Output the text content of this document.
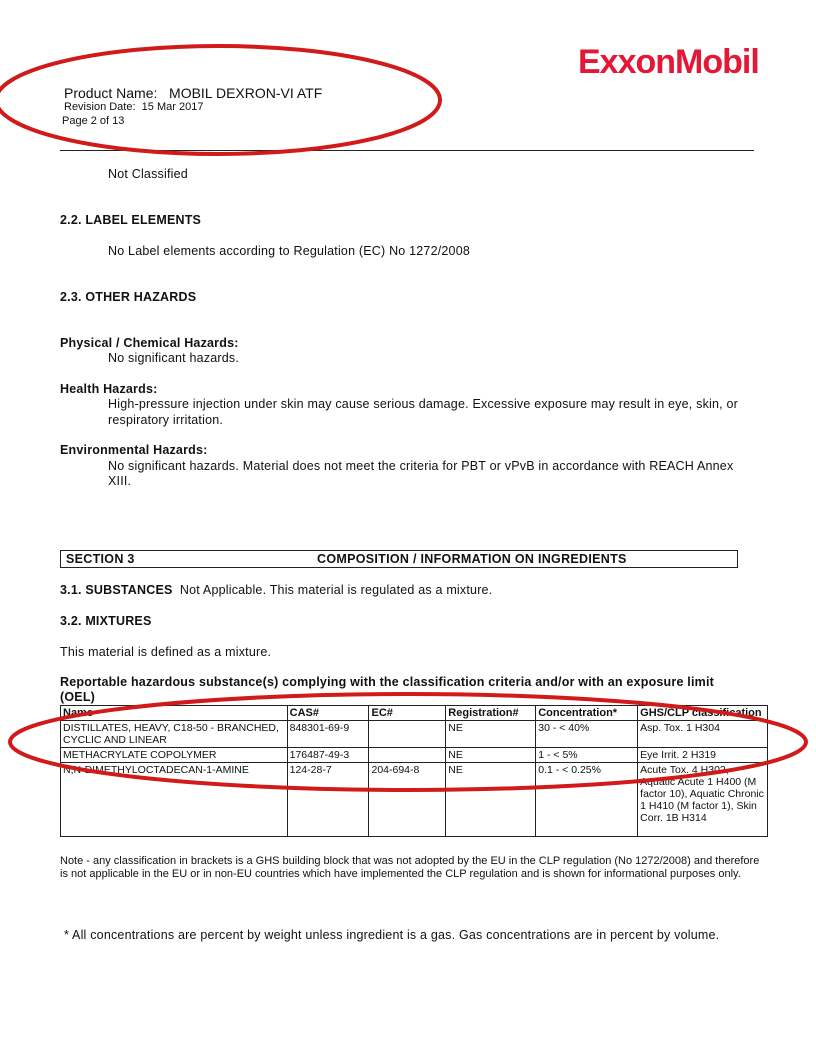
ExxonMobil
Product Name: MOBIL DEXRON-VI ATF
Revision Date: 15 Mar 2017
Page 2 of 13
Not Classified
2.2. LABEL ELEMENTS
No Label elements according to Regulation (EC) No 1272/2008
2.3. OTHER HAZARDS
Physical / Chemical Hazards:
No significant hazards.
Health Hazards:
High-pressure injection under skin may cause serious damage. Excessive exposure may result in eye, skin, or
respiratory irritation.
Environmental Hazards:
No significant hazards. Material does not meet the criteria for PBT or vPvB in accordance with REACH Annex
XIII.
SECTION 3	COMPOSITION / INFORMATION ON INGREDIENTS
3.1. SUBSTANCES Not Applicable. This material is regulated as a mixture.
3.2. MIXTURES
This material is defined as a mixture.
Reportable hazardous substance(s) complying with the classification criteria and/or with an exposure limit
(OEL)
Name	CAS#	EC#	Registration#	Concentration*	GHS/CLP classification
DISTILLATES, HEAVY, C18-50 - BRANCHED, CYCLIC AND LINEAR	848301-69-9		NE	30 - < 40%	Asp. Tox. 1 H304
METHACRYLATE COPOLYMER	176487-49-3		NE	1 - < 5%	Eye Irrit. 2 H319
N,N-DIMETHYLOCTADECAN-1-AMINE	124-28-7	204-694-8	NE	0.1 - < 0.25%	Acute Tox. 4 H302, Aquatic Acute 1 H400 (M factor 10), Aquatic Chronic 1 H410 (M factor 1), Skin Corr. 1B H314
Note - any classification in brackets is a GHS building block that was not adopted by the EU in the CLP regulation (No 1272/2008) and therefore is not applicable in the EU or in non-EU countries which have implemented the CLP regulation and is shown for informational purposes only.
* All concentrations are percent by weight unless ingredient is a gas. Gas concentrations are in percent by volume.
